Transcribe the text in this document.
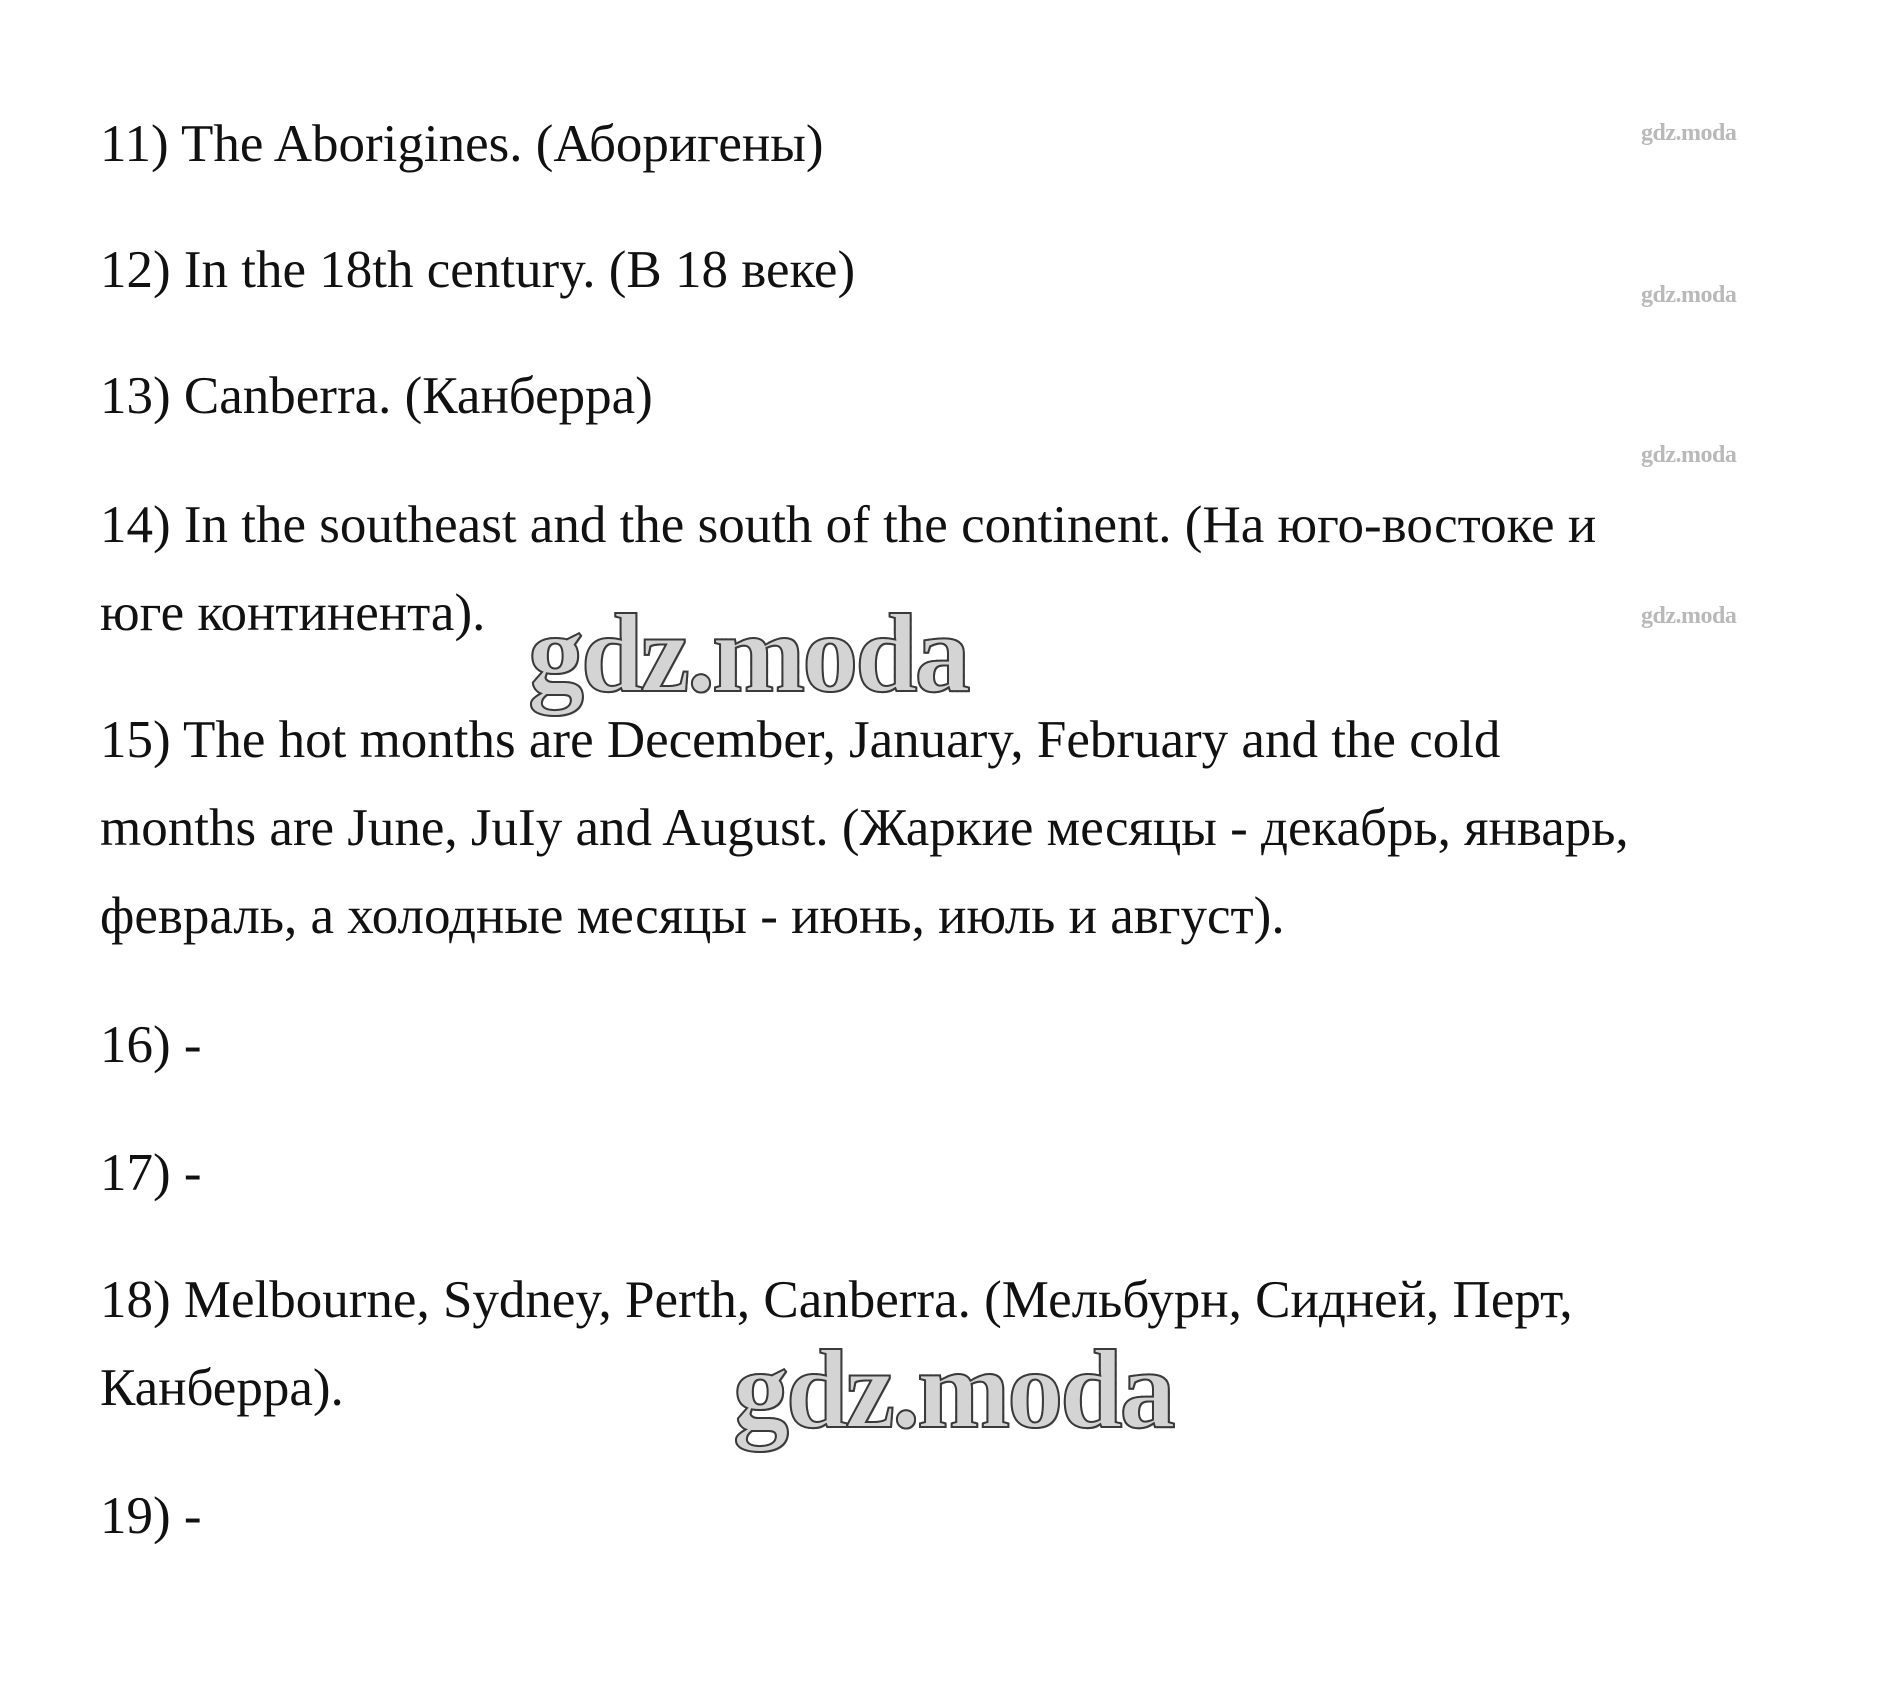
11) The Aborigines. (Аборигены)
12) In the 18th century. (В 18 веке)
13) Canberra. (Канберра)
14) In the southeast and the south of the continent. (На юго-востоке и
юге континента).
15) The hot months are December, January, February and the cold
months are June, JuIy and August. (Жаркие месяцы - декабрь, январь,
февраль, а холодные месяцы - июнь, июль и август).
16) -
17) -
18) Melbourne, Sydney, Perth, Canberra. (Мельбурн, Сидней, Перт,
Канберра).
19) -
gdz.moda
gdz.moda
gdz.moda
gdz.moda
gdz.moda
gdz.moda
